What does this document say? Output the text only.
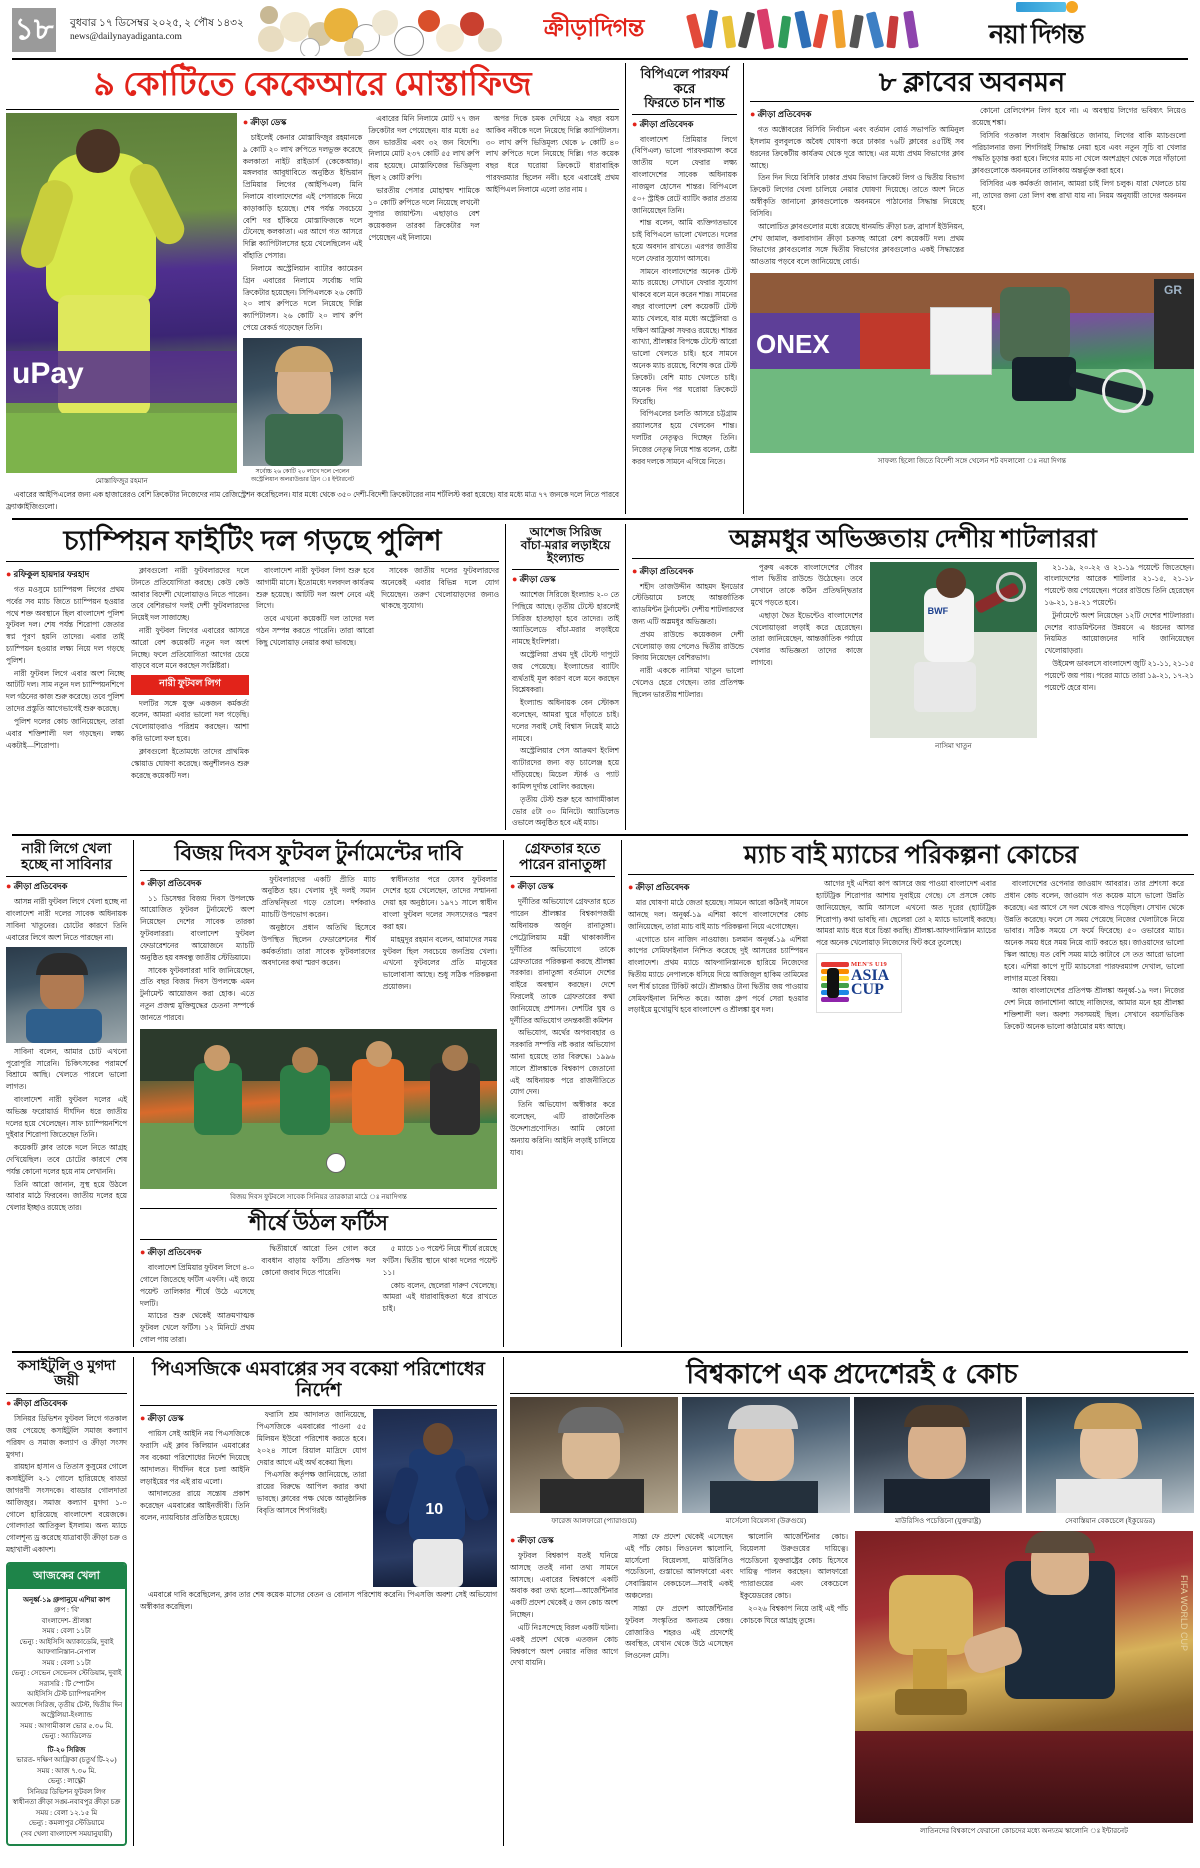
১৮ বুধবার ১৭ ডিসেম্বর ২০২৫, ২ পৌষ ১৪৩২
news@dailynayadiganta.com	ক্রীড়াদিগন্ত	নয়া দিগন্ত
৯ কোটিতে কেকেআরে মোস্তাফিজ
uPay
মোস্তাফিজুর রহমান
● ক্রীড়া ডেস্ক

চাইলেই কেনার মোস্তাফিজুর রহমানকে ৯ কোটি ২০ লাখ রুপিতে দলভুক্ত করেছে কলকাতা নাইট রাইডার্স (কেকেআর)। মঙ্গলবার আবুধাবিতে অনুষ্ঠিত ইন্ডিয়ান প্রিমিয়ার লিগের (আইপিএল) মিনি নিলামে বাংলাদেশের এই পেসারকে নিয়ে কাড়াকাড়ি হয়েছে। শেষ পর্যন্ত সবচেয়ে বেশি দর হাঁকিয়ে মোস্তাফিজকে দলে টেনেছে কলকাতা। এর আগে গত আসরে দিল্লি ক্যাপিটালসের হয়ে খেলেছিলেন এই বাঁহাতি পেসার।

নিলামে অস্ট্রেলিয়ান ব্যাটার ক্যামেরন গ্রিন এবারের নিলামে সর্বোচ্চ দামি ক্রিকেটার হয়েছেন। সিপিএলকে ২৬ কোটি ২০ লাখ রুপিতে দলে নিয়েছে দিল্লি ক্যাপিটালস। ২৬ কোটি ২০ লাখ রুপি পেয়ে রেকর্ড গড়েছেন তিনি।

সর্বোচ্চ ২৬ কোটি ২০ লাখে দলে পেলেন অস্ট্রেলিয়ান অলরাউন্ডার গ্রিন ঃ ইন্টারনেট

এবারের মিনি নিলামে মোট ৭৭ জন ক্রিকেটার দল পেয়েছেন। যার মধ্যে ৪৫ জন ভারতীয় এবং ৩২ জন বিদেশি। নিলামে মোট ২৩৭ কোটি ৫৫ লাখ রুপি ব্যয় হয়েছে। মোস্তাফিজের ভিত্তিমূল্য ছিল ২ কোটি রুপি।

ভারতীয় পেসার মোহাম্মদ শামিকে ১০ কোটি রুপিতে দলে নিয়েছে লখনৌ সুপার জায়ান্টস। এছাড়াও বেশ কয়েকজন তারকা ক্রিকেটার দল পেয়েছেন এই নিলামে।

অপর দিকে চমক দেখিয়ে ২৯ বছর বয়স আকিব নবীকে দলে নিয়েছে দিল্লি ক্যাপিটালস। ৩০ লাখ রুপি ভিত্তিমূল্য থেকে ৮ কোটি ৪০ লাখ রুপিতে দলে নিয়েছে দিল্লি। গত কয়েক বছর ধরে ঘরোয়া ক্রিকেটে ধারাবাহিক পারফরম্যার ছিলেন নবী। হবে এবারেই প্রথম আইপিএল নিলামে এলো তার নাম ।

এবারের আইপিএলের জন্য এক হাজারেরও বেশি ক্রিকেটার নিজেদের নাম রেজিস্ট্রেশন করেছিলেন। যার মধ্যে থেকে ৩৫০ দেশী-বিদেশী ক্রিকেটারের নাম শর্টলিস্ট করা হয়েছে। যার মধ্যে মাত্র ৭৭ জনকে দলে নিতে পারবে ফ্র্যাঞ্চাইজিগুলো।

বিপিএলে পারফর্ম করে
ফিরতে চান শান্ত
● ক্রীড়া প্রতিবেদক

বাংলাদেশ প্রিমিয়ার লিগে (বিপিএল) ভালো পারফরম্যান্স করে জাতীয় দলে ফেরার লক্ষ্য বাংলাদেশের সাবেক অধিনায়ক নাজমুল হোসেন শান্তর। বিপিএলে ৫০+ স্ট্রাইক রেটে ব্যাটিং করার প্রত্যয় জানিয়েছেন তিনি।

শান্ত বলেন, আমি ব্যক্তিগতভাবে চাই বিপিএলে ভালো খেলতে। দলের হয়ে অবদান রাখতে। এরপর জাতীয় দলে ফেরার সুযোগ আসবে।

সামনে বাংলাদেশের অনেক টেস্ট ম্যাচ রয়েছে। সেখানে ফেরার সুযোগ থাকবে বলে মনে করেন শান্ত। সামনের বছর বাংলাদেশ বেশ কয়েকটি টেস্ট ম্যাচ খেলবে, যার মধ্যে অস্ট্রেলিয়া ও দক্ষিণ আফ্রিকা সফরও রয়েছে। শান্তর ব্যাখ্যা, শ্রীলঙ্কার বিপক্ষে টেস্টে আরো ভালো খেলতে চাই। হবে সামনে অনেক ম্যাচ রয়েছে, বিশেষ করে টেস্ট ক্রিকেট। বেশি ম্যাচ খেলতে চাই। অনেক দিন পর ঘরোয়া ক্রিকেটে ফিরেছি।

বিপিএলের চলতি আসরে চট্টগ্রাম রয়্যালসের হয়ে খেলবেন শান্ত। দলটির নেতৃত্বও দিচ্ছেন তিনি। নিজের নেতৃত্ব নিয়ে শান্ত বলেন, চেষ্টা করব দলকে সামনে এগিয়ে নিতে।

৮ ক্লাবের অবনমন
● ক্রীড়া প্রতিবেদক

গত অক্টোবরের বিসিবি নির্বাচন এবং বর্তমান বোর্ড সভাপতি আমিনুল ইসলাম বুলবুলকে অবৈধ ঘোষণা করে ঢাকার ৭৬টি ক্লাবের ৪৫টিই সব ধরনের ক্রিকেটীয় কার্যক্রম থেকে দূরে আছে। এর মধ্যে প্রথম বিভাগের ক্লাব আছে।

তিন দিন দিয়ে বিসিবি ঢাকার প্রথম বিভাগ ক্রিকেট লিগ ও দ্বিতীয় বিভাগ ক্রিকেট লিগের খেলা চালিয়ে নেয়ার ঘোষণা দিয়েছে। তাতে অংশ নিতে অস্বীকৃতি জানানো ক্লাবগুলোকে অবনমনে পাঠানোর সিদ্ধান্ত নিয়েছে বিসিবি।

আলোচিত ক্লাবগুলোর মধ্যে রয়েছে ধানমন্ডি ক্রীড়া চক্র, ব্রাদার্স ইউনিয়ন, শেখ জামাল, কলাবাগান ক্রীড়া চক্রসহ আরো বেশ কয়েকটি দল। প্রথম বিভাগের ক্লাবগুলোর সঙ্গে দ্বিতীয় বিভাগের ক্লাবগুলোও একই সিদ্ধান্তের আওতায় পড়বে বলে জানিয়েছে বোর্ড।

কোনো রেলিগেশন লিগ হবে না। এ অবস্থায় লিগের ভবিষ্যৎ নিয়েও রয়েছে শঙ্কা।

বিসিবি গতকাল সংবাদ বিজ্ঞপ্তিতে জানায়, লিগের বাকি ম্যাচগুলো পরিচালনার জন্য শিগগিরই সিদ্ধান্ত নেয়া হবে এবং নতুন সূচি বা খেলার পদ্ধতি চূড়ান্ত করা হবে। লিগের ম্যাচ না খেলে অংশগ্রহণ থেকে সরে দাঁড়ানো ক্লাবগুলোকে অবনমনের তালিকায় অন্তর্ভুক্ত করা হবে।

বিসিবির এক কর্মকর্তা জানান, আমরা চাই লিগ চলুক। যারা খেলতে চায় না, তাদের জন্য তো লিগ বন্ধ রাখা যায় না। নিয়ম অনুযায়ী তাদের অবনমন হবে।

ONEX
GR
সাফল্য ছিলো জিতে বিদেশী সঙ্গে খেলেন শট বদলালো ঃ নয়া দিগন্ত
চ্যাম্পিয়ন ফাইটিং দল গড়ছে পুলিশ
● রফিকুল হায়দার ফরহাদ

গত মওসুমে চ্যাম্পিয়ন্স লিগের প্রথম পর্বের সব ম্যাচ জিতে চ্যাম্পিয়ন হওয়ার পথে শক্ত অবস্থানে ছিল বাংলাদেশ পুলিশ ফুটবল দল। শেষ পর্যন্ত শিরোপা জেতার স্বপ্ন পূরণ হয়নি তাদের। এবার তাই চ্যাম্পিয়ন হওয়ার লক্ষ্য নিয়ে দল গড়ছে পুলিশ।

নারী ফুটবল লিগে এবার অংশ নিচ্ছে আটটি দল। সাম নতুন দল চ্যাম্পিয়নশিপে দল গঠনের কাজ শুরু করেছে। তবে পুলিশ তাদের প্রস্তুতি আগেভাগেই শুরু করেছে।

পুলিশ দলের কোচ জানিয়েছেন, তারা এবার শক্তিশালী দল গড়ছেন। লক্ষ্য একটাই—শিরোপা।

ক্লাবগুলো নারী ফুটবলারদের দলে টানতে প্রতিযোগিতা করছে। কেউ কেউ আবার বিদেশী খেলোয়াড়ও নিতে পারেন। তবে বেশিরভাগ দলই দেশী ফুটবলারদের নিয়েই দল সাজাচ্ছে।

নারী ফুটবল লিগের এবারের আসরে আরো বেশ কয়েকটি নতুন দল অংশ নিচ্ছে। ফলে প্রতিযোগিতা আগের চেয়ে বাড়বে বলে মনে করছেন সংশ্লিষ্টরা।

নারী ফুটবল লিগ

দলটির সঙ্গে যুক্ত একজন কর্মকর্তা বলেন, আমরা এবার ভালো দল গড়েছি। খেলোয়াড়রাও পরিশ্রম করছেন। আশা করি ভালো ফল হবে।

ক্লাবগুলো ইতোমধ্যে তাদের প্রাথমিক স্কোয়াড ঘোষণা করেছে। অনুশীলনও শুরু করেছে কয়েকটি দল।

বাংলাদেশ নারী ফুটবল লিগ শুরু হবে আগামী মাসে। ইতোমধ্যে দলবদল কার্যক্রম শুরু হয়েছে। আটটি দল অংশ নেবে এই লিগে।

তবে এখনো কয়েকটি দল তাদের দল গঠন সম্পন্ন করতে পারেনি। তারা আরো কিছু খেলোয়াড় নেয়ার কথা ভাবছে।

সাবেক জাতীয় দলের ফুটবলারদের অনেকেই এবার বিভিন্ন দলে যোগ দিয়েছেন। তরুণ খেলোয়াড়দের জন্যও থাকছে সুযোগ।

আশেজ সিরিজ
বাঁচা-মরার লড়াইয়ে
ইংল্যান্ড
● ক্রীড়া ডেস্ক

অ্যাশেজ সিরিজে ইংল্যান্ড ২-০ তে পিছিয়ে আছে। তৃতীয় টেস্টে হারলেই সিরিজ হাতছাড়া হবে তাদের। তাই অ্যাডিলেডে বাঁচা-মরার লড়াইয়ে নামছে ইংলিশরা।

অস্ট্রেলিয়া প্রথম দুই টেস্টে দাপুটে জয় পেয়েছে। ইংল্যান্ডের ব্যাটিং ব্যর্থতাই মূল কারণ বলে মনে করছেন বিশ্লেষকরা।

ইংল্যান্ড অধিনায়ক বেন স্টোকস বলেছেন, আমরা ঘুরে দাঁড়াতে চাই। দলের সবাই সেই বিশ্বাস নিয়েই মাঠে নামবে।

অস্ট্রেলিয়ার পেস আক্রমণ ইংলিশ ব্যাটারদের জন্য বড় চ্যালেঞ্জ হয়ে দাঁড়িয়েছে। মিচেল স্টার্ক ও প্যাট কামিন্স দুর্দান্ত বোলিং করছেন।

তৃতীয় টেস্ট শুরু হবে আগামীকাল ভোর ৫টা ৩০ মিনিটে। অ্যাডিলেড ওভালে অনুষ্ঠিত হবে এই ম্যাচ।

অম্লমধুর অভিজ্ঞতায় দেশীয় শাটলাররা
● ক্রীড়া প্রতিবেদক

শহীদ তাজউদ্দীন আহমদ ইনডোর স্টেডিয়ামে চলছে আন্তর্জাতিক ব্যাডমিন্টন টুর্নামেন্ট। দেশীয় শাটলারদের জন্য এটি অম্লমধুর অভিজ্ঞতা।

প্রথম রাউন্ডে কয়েকজন দেশী খেলোয়াড় জয় পেলেও দ্বিতীয় রাউন্ডে বিদায় নিয়েছেন বেশিরভাগ।

নারী এককে নাসিমা খাতুন ভালো খেলেও হেরে গেছেন। তার প্রতিপক্ষ ছিলেন ভারতীয় শাটলার।

পুরুষ এককে বাংলাদেশের গৌরব পাল দ্বিতীয় রাউন্ডে উঠেছেন। তবে সেখানে তাকে কঠিন প্রতিদ্বন্দ্বিতার মুখে পড়তে হবে।

এছাড়া দ্বৈত ইভেন্টেও বাংলাদেশের খেলোয়াড়রা লড়াই করে হেরেছেন। তারা জানিয়েছেন, আন্তর্জাতিক পর্যায়ে খেলার অভিজ্ঞতা তাদের কাজে লাগবে।

BWF
নাসিমা খাতুন

২১-১৯, ২০-২২ ও ২১-১৯ পয়েন্টে জিতেছেন। বাংলাদেশের আরেক শাটলার ২১-১৫, ২১-১৮ পয়েন্টে জয় পেয়েছেন। পরের রাউন্ডে তিনি হেরেছেন ১৬-২১, ১৪-২১ পয়েন্টে।

টুর্নামেন্টে অংশ নিয়েছেন ১২টি দেশের শাটলাররা। দেশের ব্যাডমিন্টনের উন্নয়নে এ ধরনের আসর নিয়মিত আয়োজনের দাবি জানিয়েছেন খেলোয়াড়রা।

উইমেন্স ডাবলসে বাংলাদেশ জুটি ২১-১১, ২১-১৫ পয়েন্টে জয় পায়। পরের ম্যাচে তারা ১৯-২১, ১৭-২১ পয়েন্টে হেরে যান।

নারী লিগে খেলা
হচ্ছে না সাবিনার
● ক্রীড়া প্রতিবেদক

আসন্ন নারী ফুটবল লিগে খেলা হচ্ছে না বাংলাদেশ নারী দলের সাবেক অধিনায়ক সাবিনা খাতুনের। চোটের কারণে তিনি এবারের লিগে অংশ নিতে পারছেন না।

সাবিনা বলেন, আমার চোট এখনো পুরোপুরি সারেনি। চিকিৎসকের পরামর্শে বিশ্রামে আছি। খেলতে পারলে ভালো লাগত।

বাংলাদেশ নারী ফুটবল দলের এই অভিজ্ঞ ফরোয়ার্ড দীর্ঘদিন ধরে জাতীয় দলের হয়ে খেলেছেন। সাফ চ্যাম্পিয়নশিপে দুইবার শিরোপা জিতেছেন তিনি।

কয়েকটি ক্লাব তাকে দলে নিতে আগ্রহ দেখিয়েছিল। তবে চোটের কারণে শেষ পর্যন্ত কোনো দলের হয়ে নাম লেখাননি।

তিনি আরো জানান, সুস্থ হয়ে উঠলে আবার মাঠে ফিরবেন। জাতীয় দলের হয়ে খেলার ইচ্ছাও রয়েছে তার।

বিজয় দিবস ফুটবল টুর্নামেন্টের দাবি
● ক্রীড়া প্রতিবেদক

১১ ডিসেম্বর বিজয় দিবস উপলক্ষে আয়োজিত ফুটবল টুর্নামেন্টে অংশ নিয়েছেন দেশের সাবেক তারকা ফুটবলাররা। বাংলাদেশ ফুটবল ফেডারেশনের আয়োজনে ম্যাচটি অনুষ্ঠিত হয় বঙ্গবন্ধু জাতীয় স্টেডিয়ামে।

সাবেক ফুটবলাররা দাবি জানিয়েছেন, প্রতি বছর বিজয় দিবস উপলক্ষে এমন টুর্নামেন্ট আয়োজন করা হোক। এতে নতুন প্রজন্ম মুক্তিযুদ্ধের চেতনা সম্পর্কে জানতে পারবে।

ফুটবলারদের একটি প্রীতি ম্যাচ অনুষ্ঠিত হয়। খেলায় দুই দলই সমান প্রতিদ্বন্দ্বিতা গড়ে তোলে। দর্শকরাও ম্যাচটি উপভোগ করেন।

অনুষ্ঠানে প্রধান অতিথি হিসেবে উপস্থিত ছিলেন ফেডারেশনের শীর্ষ কর্মকর্তারা। তারা সাবেক ফুটবলারদের অবদানের কথা স্মরণ করেন।

স্বাধীনতার পরে যেসব ফুটবলার দেশের হয়ে খেলেছেন, তাদের সম্মাননা দেয়া হয় অনুষ্ঠানে। ১৯৭১ সালে স্বাধীন বাংলা ফুটবল দলের সদস্যদেরও স্মরণ করা হয়।

মাহমুদুর রহমান বলেন, আমাদের সময় ফুটবল ছিল সবচেয়ে জনপ্রিয় খেলা। এখনো ফুটবলের প্রতি মানুষের ভালোবাসা আছে। শুধু সঠিক পরিকল্পনা প্রয়োজন।

বিজয় দিবস ফুটবলে সাবেক সিনিয়র তারকারা মাঠে ঃ নয়াদিগন্ত
শীর্ষে উঠল ফর্টিস
● ক্রীড়া প্রতিবেদক

বাংলাদেশ প্রিমিয়ার ফুটবল লিগে ৪-০ গোলে জিতেছে ফর্টিস এফসি। এই জয়ে পয়েন্ট তালিকার শীর্ষে উঠে এসেছে দলটি।

ম্যাচের শুরু থেকেই আক্রমণাত্মক ফুটবল খেলে ফর্টিস। ১২ মিনিটে প্রথম গোল পায় তারা।

দ্বিতীয়ার্ধে আরো তিন গোল করে ব্যবধান বাড়ায় ফর্টিস। প্রতিপক্ষ দল কোনো জবাব দিতে পারেনি।

৫ ম্যাচে ১৩ পয়েন্ট নিয়ে শীর্ষে রয়েছে ফর্টিস। দ্বিতীয় স্থানে থাকা দলের পয়েন্ট ১১।

কোচ বলেন, ছেলেরা দারুণ খেলেছে। আমরা এই ধারাবাহিকতা ধরে রাখতে চাই।

গ্রেফতার হতে
পারেন রানাতুঙ্গা
● ক্রীড়া ডেস্ক

দুর্নীতির অভিযোগে গ্রেফতার হতে পারেন শ্রীলঙ্কার বিশ্বকাপজয়ী অধিনায়ক অর্জুন রানাতুঙ্গা। পেট্রোলিয়াম মন্ত্রী থাকাকালীন দুর্নীতির অভিযোগে তাকে গ্রেফতারের পরিকল্পনা করছে শ্রীলঙ্কা সরকার। রানাতুঙ্গা বর্তমানে দেশের বাইরে অবস্থান করছেন। দেশে ফিরলেই তাকে গ্রেফতারের কথা জানিয়েছে প্রশাসন। দেশটির ঘুষ ও দুর্নীতির অভিযোগ তদন্তকারী কমিশন

অভিযোগ, অর্থের অপব্যবহার ও সরকারি সম্পত্তি নষ্ট করার অভিযোগ আনা হয়েছে তার বিরুদ্ধে। ১৯৯৬ সালে শ্রীলঙ্কাকে বিশ্বকাপ জেতানো এই অধিনায়ক পরে রাজনীতিতে যোগ দেন।

তিনি অভিযোগ অস্বীকার করে বলেছেন, এটি রাজনৈতিক উদ্দেশ্যপ্রণোদিত। আমি কোনো অন্যায় করিনি। আইনি লড়াই চালিয়ে যাব।

ম্যাচ বাই ম্যাচের পরিকল্পনা কোচের
● ক্রীড়া প্রতিবেদক

মার ঘোষণা মাঠে জেতা হয়েছে। সামনে আরো কঠিনই সামনে আনছে দল। অনূর্ধ্ব-১৯ এশিয়া কাপে বাংলাদেশের কোচ জানিয়েছেন, তারা ম্যাচ বাই ম্যাচ পরিকল্পনা নিয়ে এগোচ্ছেন।

এগোতে চান নাজিদ নাওয়াজ। চলমান অনূর্ধ্ব-১৯ এশিয়া কাপের সেমিফাইনাল নিশ্চিত করেছে দুই আসরের চ্যাম্পিয়ন বাংলাদেশ। প্রথম ম্যাচে আফগানিস্তানকে হারিয়ে নিজেদের দ্বিতীয় ম্যাচে নেপালকে ধসিয়ে দিয়ে আজিজুল হাকিম তামিমের দল শীর্ষ চারের টিকিট কাটে। শ্রীলঙ্কাও টানা দ্বিতীয় জয় পাওয়ায় সেমিফাইনাল নিশ্চিত করে। আজ গ্রুপ পর্বে সেরা হওয়ার লড়াইয়ে মুখোমুখি হবে বাংলাদেশ ও শ্রীলঙ্কা যুব দল।

আগের দুই এশিয়া কাপ আসরে জয় পাওয়া বাংলাদেশ এবার হ্যাটট্রিক শিরোপার আশায় দুবাইয়ে গেছে। সে প্রসঙ্গে কোচ জানিয়েছেন, আমি আসলে এখনো অত দূরের (হ্যাটট্রিক শিরোপা) কথা ভাবছি না। ছেলেরা তো ২ ম্যাচে ভালোই করছে। আমরা ম্যাচ ধরে ধরে চিন্তা করছি। শ্রীলঙ্কা-আফগানিস্তান ম্যাচের পরে অনেক খেলোয়াড় নিজেদের ফিট করে তুলেছে।

MEN'S U19
ASIA
CUP

বাংলাদেশের ওপেনার জাওয়াদ আবরার। তার প্রশংসা করে প্রধান কোচ বলেন, জাওয়াদ গত কয়েক মাসে ভালো উন্নতি করেছে। এর আগে সে দল থেকে বাদও পড়েছিল। সেখান থেকে উন্নতি করেছে। ফলে সে সময় পেয়েছে নিজের খেলাটাকে নিয়ে ভাবার। সঠিক সময়ে সে ফর্মে ফিরেছে। ৫০ ওভারের ম্যাচ। অনেক সময় ধরে সময় নিয়ে ব্যাট করতে হয়। জাওয়াদের ভালো স্কিল আছে। যত বেশি সময় মাঠে কাটাবে সে তত আরো ভালো হবে। এশিয়া কাপে দু'টি ম্যাচসেরা পারফরম্যান্স দেখাল, ভালো লাগার মতো বিষয়।

আজ বাংলাদেশের প্রতিপক্ষ শ্রীলঙ্কা অনূর্ধ্ব-১৯ দল। নিজের দেশ নিয়ে জানাশোনা আছে নাজিদের, আমার মনে হয় শ্রীলঙ্কা শক্তিশালী দল। অবশ্য সবসময়ই ছিল। সেখানে বয়সভিত্তিক ক্রিকেট অনেক ভালো কাঠামোর মধ্য আছে।

কসাইটুলি ও মুগদা জয়ী
● ক্রীড়া প্রতিবেদক

সিনিয়র ডিভিশন ফুটবল লিগে গতকাল জয় পেয়েছে কসাইটুলি সমাজ কল্যাণ পরিষদ ও সমাজ কল্যাণ ও ক্রীড়া সংসদ মুগদা।

রায়হান হাসান ও তিতাস কুসুমের গোলে কসাইটুলি ২-১ গোলে হারিয়েছে বাড্ডা জাগরণী সংসদকে। বাড্ডার গোলদাতা আজিজুর। সমাজ কল্যাণ মুগদা ১-০ গোলে হারিয়েছে বাংলাদেশ বয়েজকে। গোলদাতা আতিকুল ইসলাম। অন্য ম্যাচে গোলশূন্য ড্র করেছে যাত্রাবাড়ী ক্রীড়া চক্র ও মহাখালী একাদশ।

আজকের খেলা
অনূর্ধ্ব-১৯ গ্রুপানুযে এশিয়া কাপ
গ্রুপ : 'বি'
বাংলাদেশ- শ্রীলঙ্কা
সময় : বেলা ১১টা
ভেন্যু : আইসিসি অ্যাকাডেমি, দুবাই
আফগানিস্তান-নেপাল
সময় : বেলা ১১টা
ভেন্যু : সেভেন সেভেনস স্টেডিয়াম, দুবাই
সরাসরি : টি স্পোর্টস
আইসিসি টেস্ট চ্যাম্পিয়নশিপ
অ্যাশেজ সিরিজ, তৃতীয় টেস্ট, দ্বিতীয় দিন
অস্ট্রেলিয়া-ইংল্যান্ড
সময় : আগামীকাল ভোর ৫.৩০ মি.
ভেন্যু : অ্যাডিলেড
টি-২০ সিরিজ
ভারত- দক্ষিণ আফ্রিকা (চতুর্থ টি-২০)
সময় : আজ ৭.৩০ মি.
ভেন্যু : লাক্ষ্ণৌ
সিনিয়র ডিভিশন ফুটবল লিগ
স্বাধীনতা ক্রীড়া সঙ্ঘ-নবাবপুর ক্রীড়া চক্র
সময় : বেলা ১২.১৫ মি
ভেন্যু : কমলাপুর স্টেডিয়ামে
(সব খেলা বাংলাদেশ সময়ানুযায়ী)
পিএসজিকে এমবাপ্পের সব বকেয়া পরিশোধের নির্দেশ
● ক্রীড়া ডেস্ক

পায়িস সেই আইনি নয় পিএসজিকে ফরাসি এই ক্লাব কিলিয়ান এমবাপ্পের সব বকেয়া পরিশোধের নির্দেশ দিয়েছে আদালত। দীর্ঘদিন ধরে চলা আইনি লড়াইয়ের পর এই রায় এলো।

আদালতের রায়ে সন্তোষ প্রকাশ করেছেন এমবাপ্পের আইনজীবী। তিনি বলেন, ন্যায়বিচার প্রতিষ্ঠিত হয়েছে।

ফরাসি শ্রম আদালত জানিয়েছে, পিএসজিকে এমবাপ্পের পাওনা ৫৫ মিলিয়ন ইউরো পরিশোধ করতে হবে। ২০২৪ সালে রিয়াল মাদ্রিদে যোগ দেয়ার আগে এই অর্থ বকেয়া ছিল।

পিএসজি কর্তৃপক্ষ জানিয়েছে, তারা রায়ের বিরুদ্ধে আপিল করার কথা ভাবছে। ক্লাবের পক্ষ থেকে আনুষ্ঠানিক বিবৃতি আসবে শিগগিরই।	10

এমবাপ্পে দাবি করেছিলেন, ক্লাব তার শেষ কয়েক মাসের বেতন ও বোনাস পরিশোধ করেনি। পিএসজি অবশ্য সেই অভিযোগ অস্বীকার করেছিল।

বিশ্বকাপে এক প্রদেশেরই ৫ কোচ
ফারেজ আলফারো (প্যারাগুয়ে)	মার্সেলো বিয়েলসা (উরুগুয়ে)	মাউরিসিও পচেত্তিনো (যুক্তরাষ্ট্র)	সেবাস্তিয়ান বেকচেলে (ইকুয়েডর)
● ক্রীড়া ডেস্ক

ফুটবল বিশ্বকাপ যতই ঘনিয়ে আসছে ততই নানা তথ্য সামনে আসছে। এবারের বিশ্বকাপে একটি অবাক করা তথ্য হলো—আর্জেন্টিনার একটি প্রদেশ থেকেই ৫ জন কোচ অংশ নিচ্ছেন।

এটি নিঃসন্দেহে বিরল একটি ঘটনা। একই প্রদেশ থেকে এতজন কোচ বিশ্বকাপে অংশ নেয়ার নজির আগে দেখা যায়নি।

সান্তা ফে প্রদেশ থেকেই এসেছেন এই পাঁচ কোচ। লিওনেল স্কালোনি, মার্সেলো বিয়েলসা, মাউরিসিও পচেত্তিনো, গুস্তাভো আলফারো এবং সেবাস্তিয়ান বেকচেলে—সবাই একই অঞ্চলের।

সান্তা ফে প্রদেশ আর্জেন্টিনার ফুটবল সংস্কৃতির অন্যতম কেন্দ্র। রোজারিও শহরও এই প্রদেশেই অবস্থিত, যেখান থেকে উঠে এসেছেন লিওনেল মেসি।

স্কালোনি আর্জেন্টিনার কোচ। বিয়েলসা উরুগুয়ের দায়িত্বে। পচেত্তিনো যুক্তরাষ্ট্রের কোচ হিসেবে দায়িত্ব পালন করছেন। আলফারো প্যারাগুয়ের এবং বেকচেলে ইকুয়েডরের কোচ।

২০২৬ বিশ্বকাপ নিয়ে তাই এই পাঁচ কোচকে ঘিরে আগ্রহ তুঙ্গে।	FIFA WORLD CUP
লাতিনদের বিশ্বকাপে ফেরানো কোচদের মধ্যে অন্যতম স্কালোনি ঃ ইন্টারনেট
